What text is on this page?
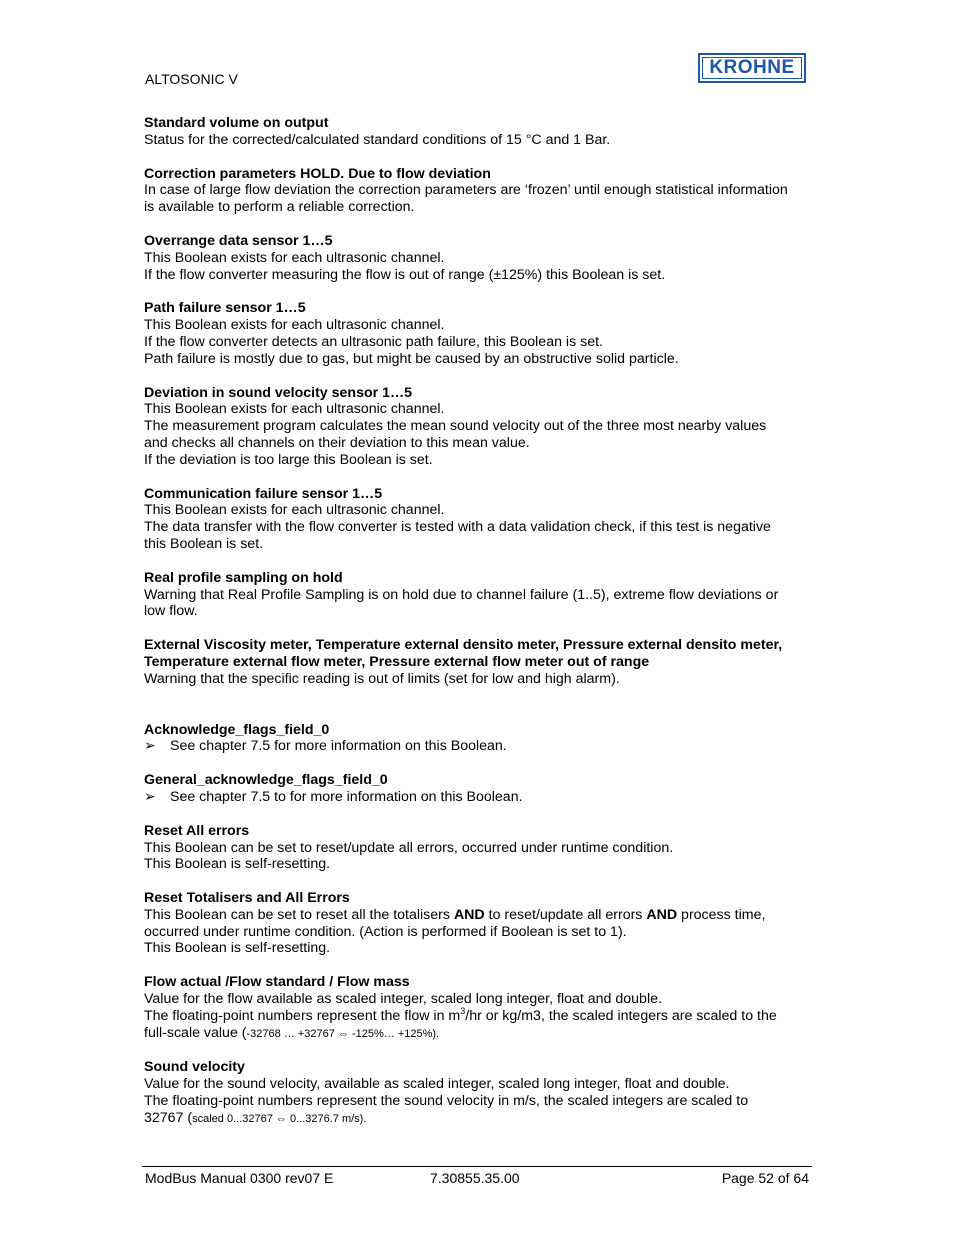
ALTOSONIC V
KROHNE
Standard volume on output
Status for the corrected/calculated standard conditions of 15 °C and 1 Bar.
Correction parameters HOLD. Due to flow deviation
In case of large flow deviation the correction parameters are ‘frozen’ until enough statistical information
is available to perform a reliable correction.
Overrange data sensor 1…5
This Boolean exists for each ultrasonic channel.
If the flow converter measuring the flow is out of range (±125%) this Boolean is set.
Path failure sensor 1…5
This Boolean exists for each ultrasonic channel.
If the flow converter detects an ultrasonic path failure, this Boolean is set.
Path failure is mostly due to gas, but might be caused by an obstructive solid particle.
Deviation in sound velocity sensor 1…5
This Boolean exists for each ultrasonic channel.
The measurement program calculates the mean sound velocity out of the three most nearby values
and checks all channels on their deviation to this mean value.
If the deviation is too large this Boolean is set.
Communication failure sensor 1…5
This Boolean exists for each ultrasonic channel.
The data transfer with the flow converter is tested with a data validation check, if this test is negative
this Boolean is set.
Real profile sampling on hold
Warning that Real Profile Sampling is on hold due to channel failure (1..5), extreme flow deviations or
low flow.
External Viscosity meter, Temperature external densito meter, Pressure external densito meter,
Temperature external flow meter, Pressure external flow meter out of range
Warning that the specific reading is out of limits (set for low and high alarm).
Acknowledge_flags_field_0
➢ See chapter 7.5 for more information on this Boolean.
General_acknowledge_flags_field_0
➢ See chapter 7.5 to for more information on this Boolean.
Reset All errors
This Boolean can be set to reset/update all errors, occurred under runtime condition.
This Boolean is self-resetting.
Reset Totalisers and All Errors
This Boolean can be set to reset all the totalisers AND to reset/update all errors AND process time,
occurred under runtime condition. (Action is performed if Boolean is set to 1).
This Boolean is self-resetting.
Flow actual /Flow standard / Flow mass
Value for the flow available as scaled integer, scaled long integer, float and double.
The floating-point numbers represent the flow in $m^3/hr$ or kg/m3, the scaled integers are scaled to the
full-scale value (-32768 … +32767 ⇔ -125%… +125%).
Sound velocity
Value for the sound velocity, available as scaled integer, scaled long integer, float and double.
The floating-point numbers represent the sound velocity in m/s, the scaled integers are scaled to
32767 (scaled 0...32767 ⇔ 0...3276.7 m/s).
ModBus Manual 0300 rev07 E	7.30855.35.00	Page 52 of 64
